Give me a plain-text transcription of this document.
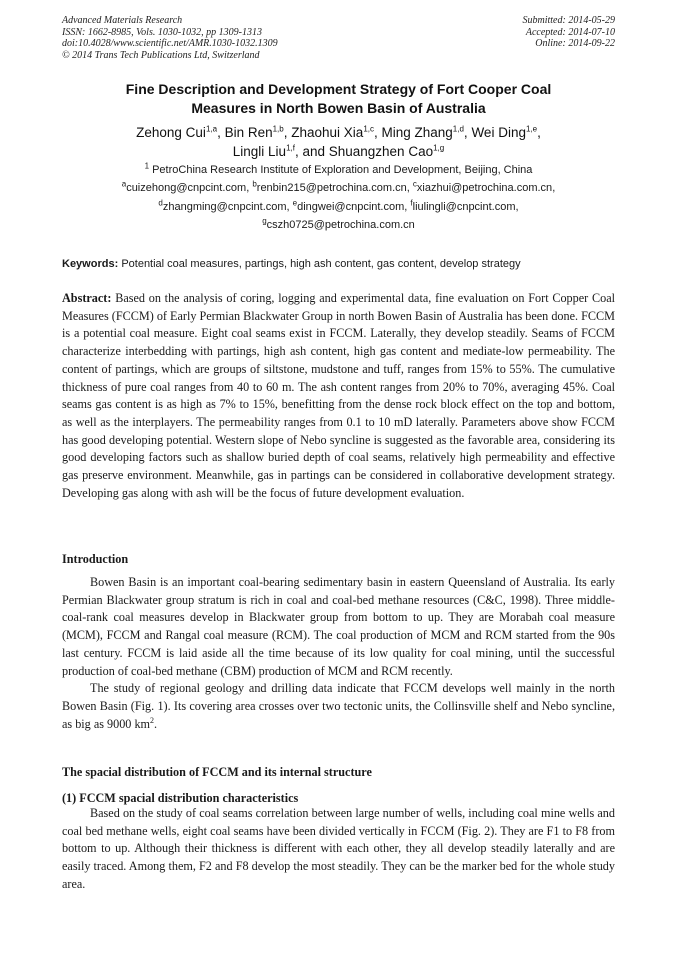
Advanced Materials Research
ISSN: 1662-8985, Vols. 1030-1032, pp 1309-1313
doi:10.4028/www.scientific.net/AMR.1030-1032.1309
© 2014 Trans Tech Publications Ltd, Switzerland
Submitted: 2014-05-29
Accepted: 2014-07-10
Online: 2014-09-22
Fine Description and Development Strategy of Fort Cooper Coal
Measures in North Bowen Basin of Australia
Zehong Cui$^{1,a}$, Bin Ren$^{1,b}$, Zhaohui Xia$^{1,c}$, Ming Zhang$^{1,d}$, Wei Ding$^{1,e}$,
Lingli Liu$^{1,f}$, and Shuangzhen Cao$^{1,g}$
$^1$ PetroChina Research Institute of Exploration and Development, Beijing, China
$^a$cuizehong@cnpcint.com, $^b$renbin215@petrochina.com.cn, $^c$xiazhui@petrochina.com.cn,
$^d$zhangming@cnpcint.com, $^e$dingwei@cnpcint.com, $^f$liulingli@cnpcint.com,
$^g$cszh0725@petrochina.com.cn
Keywords: Potential coal measures, partings, high ash content, gas content, develop strategy
Abstract: Based on the analysis of coring, logging and experimental data, fine evaluation on Fort Copper Coal Measures (FCCM) of Early Permian Blackwater Group in north Bowen Basin of Australia has been done. FCCM is a potential coal measure. Eight coal seams exist in FCCM. Laterally, they develop steadily. Seams of FCCM characterize interbedding with partings, high ash content, high gas content and mediate-low permeability. The content of partings, which are groups of siltstone, mudstone and tuff, ranges from 15% to 55%. The cumulative thickness of pure coal ranges from 40 to 60 m. The ash content ranges from 20% to 70%, averaging 45%. Coal seams gas content is as high as 7% to 15%, benefitting from the dense rock block effect on the top and bottom, as well as the interplayers. The permeability ranges from 0.1 to 10 mD laterally. Parameters above show FCCM has good developing potential. Western slope of Nebo syncline is suggested as the favorable area, considering its good developing factors such as shallow buried depth of coal seams, relatively high permeability and effective gas preserve environment. Meanwhile, gas in partings can be considered in collaborative development strategy. Developing gas along with ash will be the focus of future development evaluation.
Introduction

Bowen Basin is an important coal-bearing sedimentary basin in eastern Queensland of Australia. Its early Permian Blackwater group stratum is rich in coal and coal-bed methane resources (C&C, 1998). Three middle-coal-rank coal measures develop in Blackwater group from bottom to up. They are Morabah coal measure (MCM), FCCM and Rangal coal measure (RCM). The coal production of MCM and RCM started from the 90s last century. FCCM is laid aside all the time because of its low quality for coal mining, until the successful production of coal-bed methane (CBM) production of MCM and RCM recently.

The study of regional geology and drilling data indicate that FCCM develops well mainly in the north Bowen Basin (Fig. 1). Its covering area crosses over two tectonic units, the Collinsville shelf and Nebo syncline, as big as 9000 $km^2$.

The spacial distribution of FCCM and its internal structure
(1) FCCM spacial distribution characteristics

Based on the study of coal seams correlation between large number of wells, including coal mine wells and coal bed methane wells, eight coal seams have been divided vertically in FCCM (Fig. 2). They are F1 to F8 from bottom to up. Although their thickness is different with each other, they all develop steadily laterally and are easily traced. Among them, F2 and F8 develop the most steadily. They can be the marker bed for the whole study area.
